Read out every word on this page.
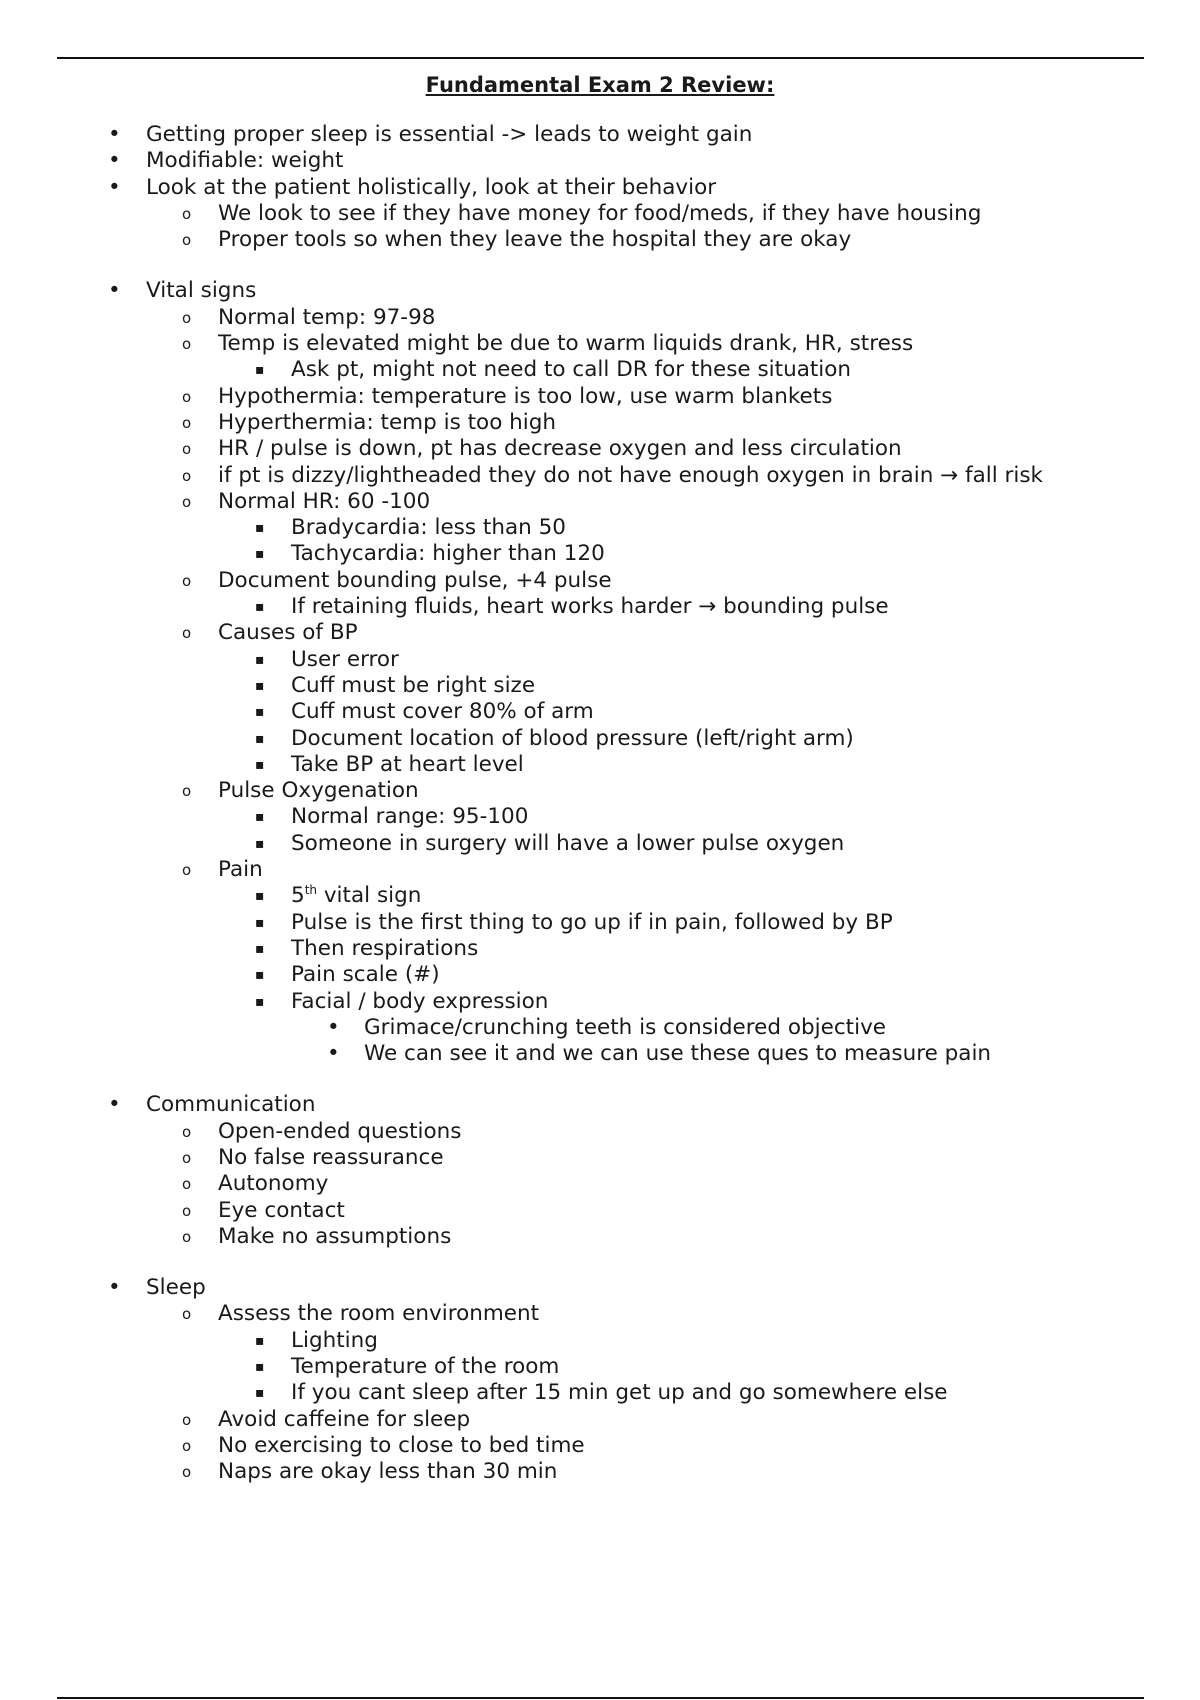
Fundamental Exam 2 Review:
• Getting proper sleep is essential -> leads to weight gain
• Modifiable: weight
• Look at the patient holistically, look at their behavior
o We look to see if they have money for food/meds, if they have housing
o Proper tools so when they leave the hospital they are okay
• Vital signs
o Normal temp: 97-98
o Temp is elevated might be due to warm liquids drank, HR, stress
▪ Ask pt, might not need to call DR for these situation
o Hypothermia: temperature is too low, use warm blankets
o Hyperthermia: temp is too high
o HR / pulse is down, pt has decrease oxygen and less circulation
o if pt is dizzy/lightheaded they do not have enough oxygen in brain → fall risk
o Normal HR: 60 -100
▪ Bradycardia: less than 50
▪ Tachycardia: higher than 120
o Document bounding pulse, +4 pulse
▪ If retaining fluids, heart works harder → bounding pulse
o Causes of BP
▪ User error
▪ Cuff must be right size
▪ Cuff must cover 80% of arm
▪ Document location of blood pressure (left/right arm)
▪ Take BP at heart level
o Pulse Oxygenation
▪ Normal range: 95-100
▪ Someone in surgery will have a lower pulse oxygen
o Pain
▪ 5th vital sign
▪ Pulse is the first thing to go up if in pain, followed by BP
▪ Then respirations
▪ Pain scale (#)
▪ Facial / body expression
• Grimace/crunching teeth is considered objective
• We can see it and we can use these ques to measure pain
• Communication
o Open-ended questions
o No false reassurance
o Autonomy
o Eye contact
o Make no assumptions
• Sleep
o Assess the room environment
▪ Lighting
▪ Temperature of the room
▪ If you cant sleep after 15 min get up and go somewhere else
o Avoid caffeine for sleep
o No exercising to close to bed time
o Naps are okay less than 30 min
